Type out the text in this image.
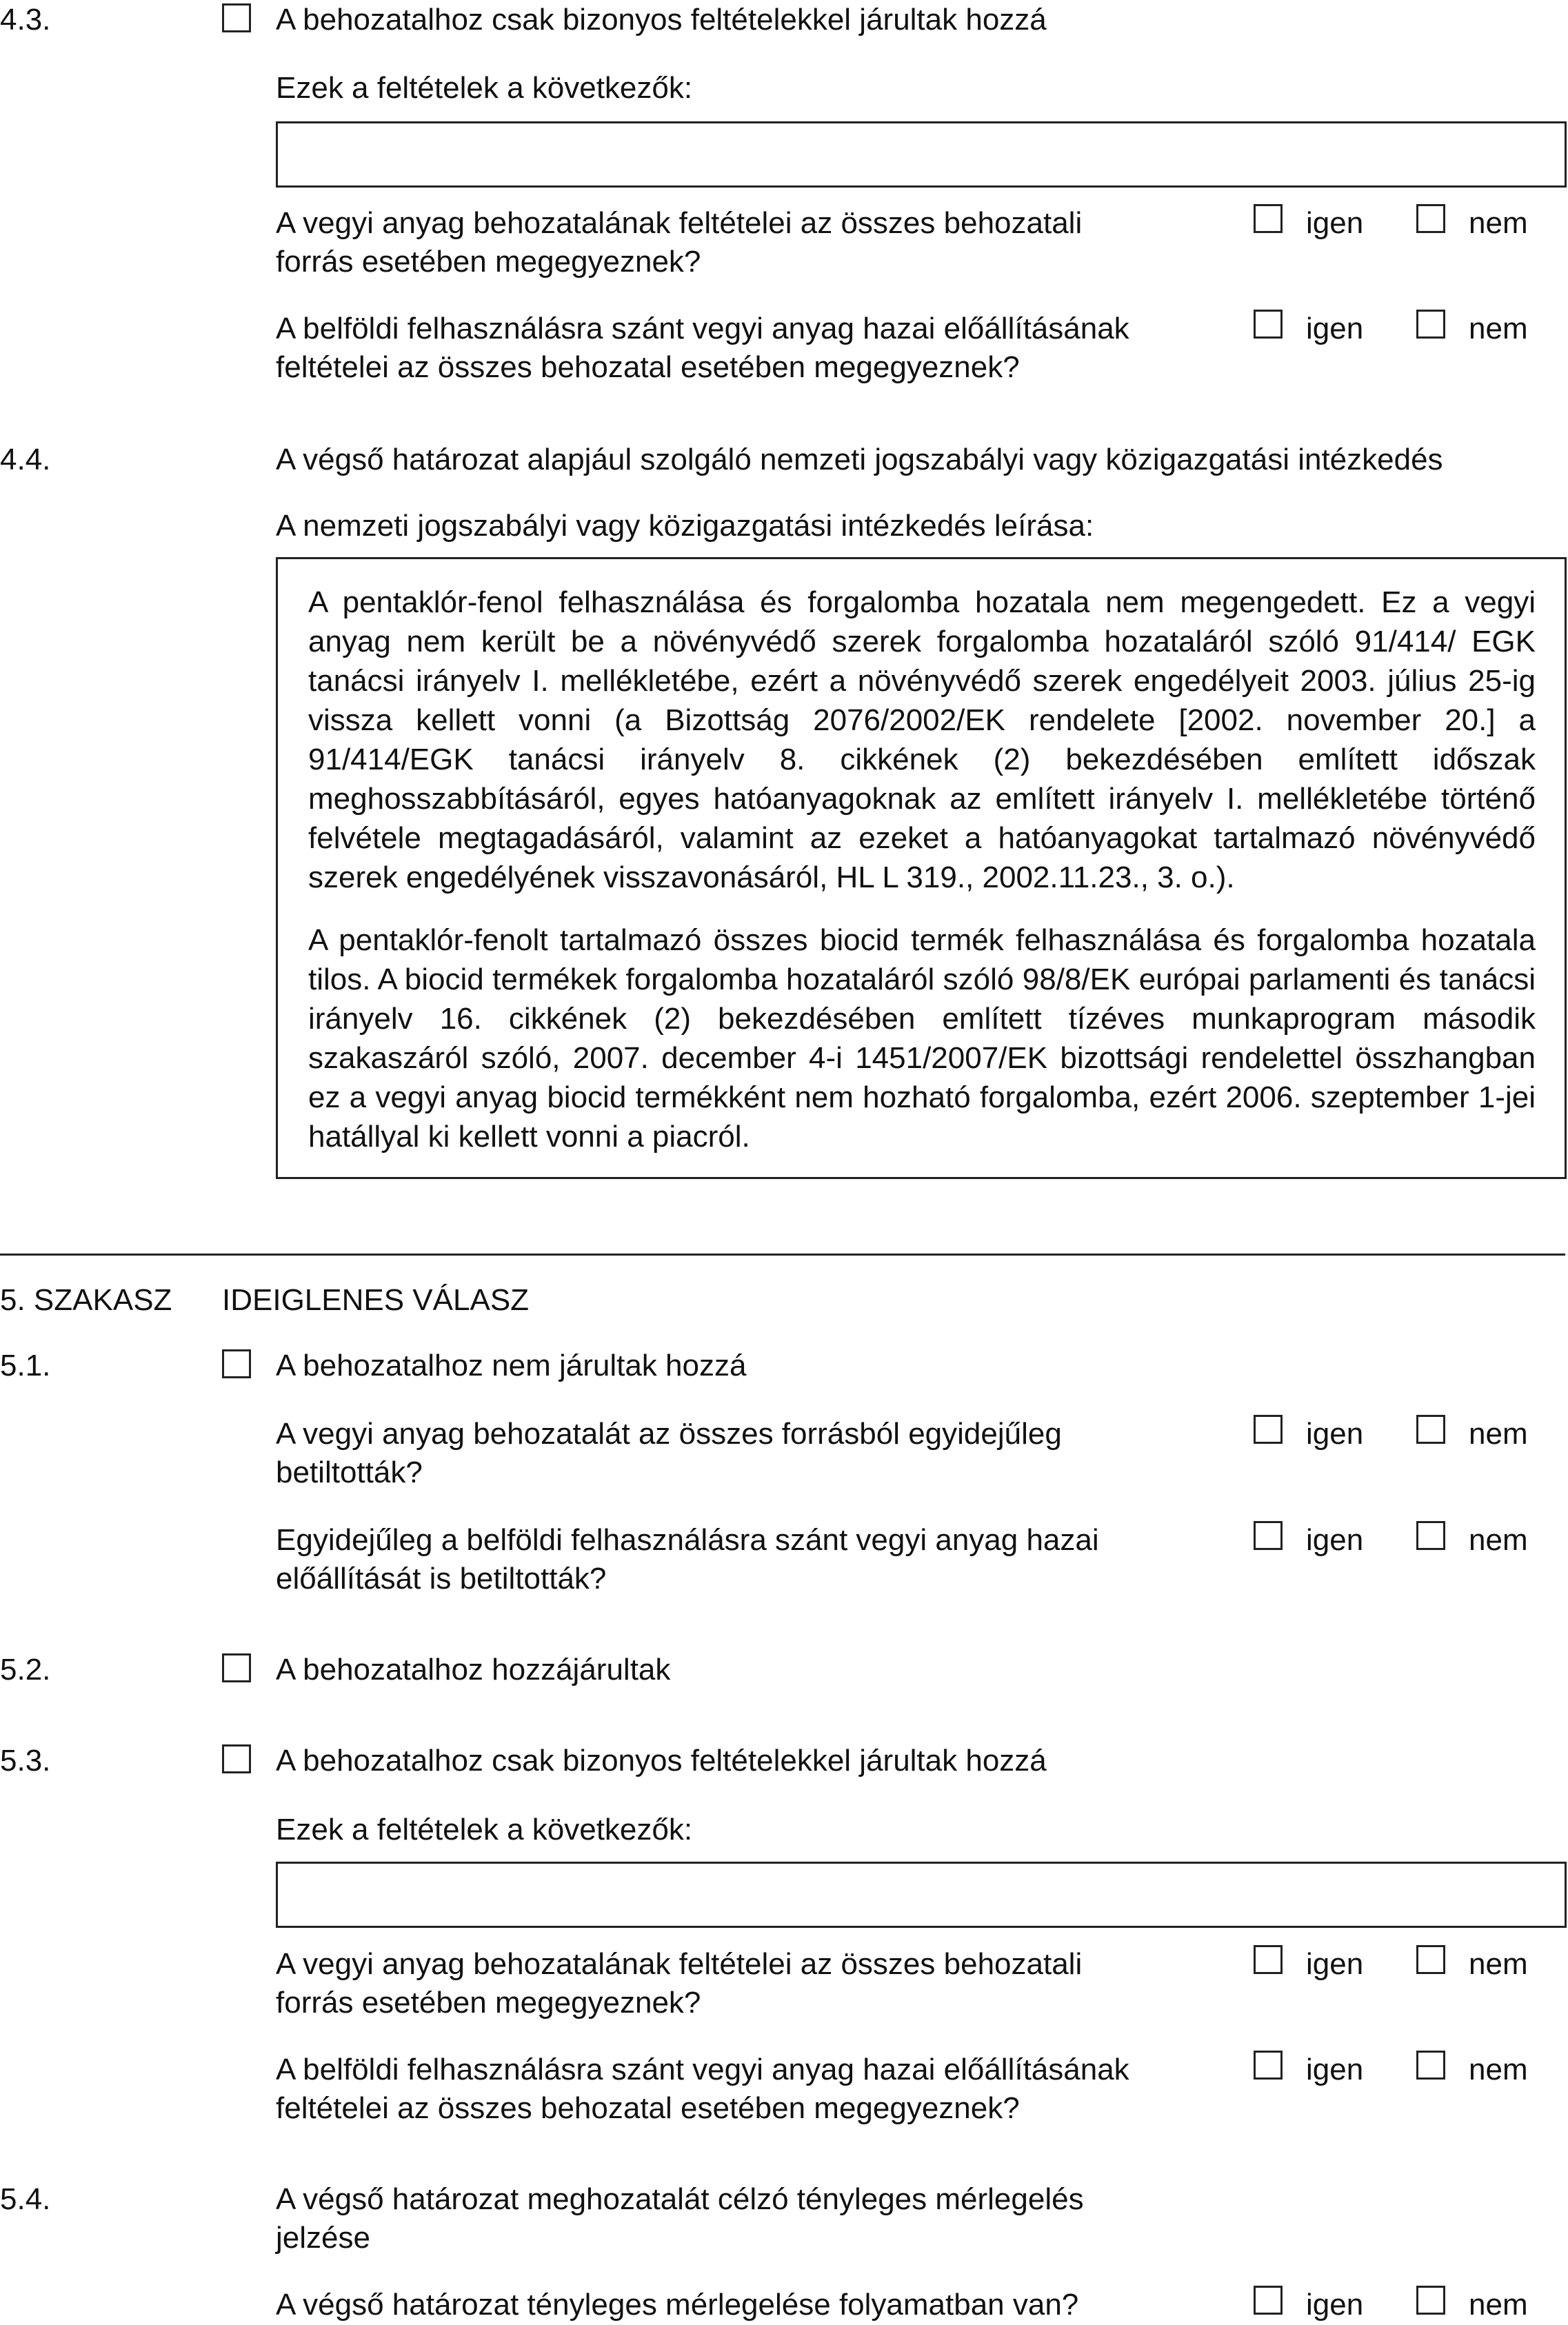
4.3.	A behozatalhoz csak bizonyos feltételekkel járultak hozzá
Ezek a feltételek a következők:
A vegyi anyag behozatalának feltételei az összes behozatali
forrás esetében megegyeznek?
igen	nem
A belföldi felhasználásra szánt vegyi anyag hazai előállításának
feltételei az összes behozatal esetében megegyeznek?
igen	nem
4.4.	A végső határozat alapjául szolgáló nemzeti jogszabályi vagy közigazgatási intézkedés
A nemzeti jogszabályi vagy közigazgatási intézkedés leírása:
A pentaklór-fenol felhasználása és forgalomba hozatala nem megengedett. Ez a vegyi anyag nem került be a növényvédő szerek forgalomba hozataláról szóló 91/414/ EGK tanácsi irányelv I. mellékletébe, ezért a növényvédő szerek engedélyeit 2003. július 25-ig vissza kellett vonni (a Bizottság 2076/2002/EK rendelete [2002. november 20.] a 91/414/EGK tanácsi irányelv 8. cikkének (2) bekezdésében említett időszak meghosszabbításáról, egyes hatóanyagoknak az említett irányelv I. mellékletébe történő felvétele megtagadásáról, valamint az ezeket a hatóanyagokat tartalmazó növényvédő szerek engedélyének visszavonásáról, HL L 319., 2002.11.23., 3. o.).
A pentaklór-fenolt tartalmazó összes biocid termék felhasználása és forgalomba hozatala tilos. A biocid termékek forgalomba hozataláról szóló 98/8/EK európai parlamenti és tanácsi irányelv 16. cikkének (2) bekezdésében említett tízéves munkaprogram második szakaszáról szóló, 2007. december 4-i 1451/2007/EK bizottsági rendelettel összhangban ez a vegyi anyag biocid termékként nem hozható forgalomba, ezért 2006. szeptember 1-jei hatállyal ki kellett vonni a piacról.
5. SZAKASZ IDEIGLENES VÁLASZ
5.1.	A behozatalhoz nem járultak hozzá
A vegyi anyag behozatalát az összes forrásból egyidejűleg
betiltották?
igen	nem
Egyidejűleg a belföldi felhasználásra szánt vegyi anyag hazai
előállítását is betiltották?
igen	nem
5.2.	A behozatalhoz hozzájárultak
5.3.	A behozatalhoz csak bizonyos feltételekkel járultak hozzá
Ezek a feltételek a következők:
A vegyi anyag behozatalának feltételei az összes behozatali
forrás esetében megegyeznek?
igen	nem
A belföldi felhasználásra szánt vegyi anyag hazai előállításának
feltételei az összes behozatal esetében megegyeznek?
igen	nem
5.4.	A végső határozat meghozatalát célzó tényleges mérlegelés
jelzése
A végső határozat tényleges mérlegelése folyamatban van?	igen	nem
